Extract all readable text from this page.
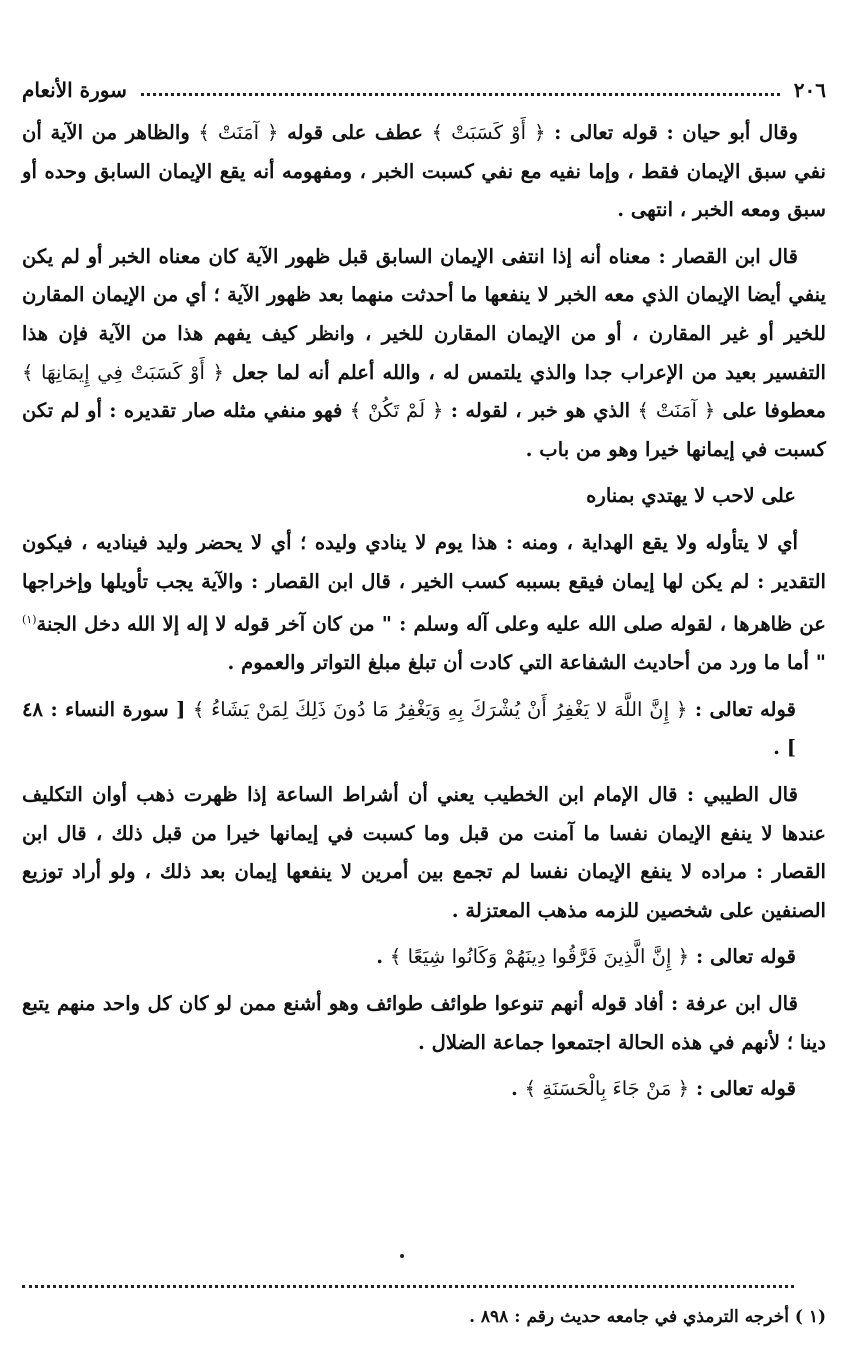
٢٠٦
سورة الأنعام

وقال أبو حيان : قوله تعالى : ﴿ أَوْ كَسَبَتْ ﴾ عطف على قوله ﴿ آمَنَتْ ﴾ والظاهر من الآية أن نفي سبق الإيمان فقط ، وإما نفيه مع نفي كسبت الخبر ، ومفهومه أنه يقع الإيمان السابق وحده أو سبق ومعه الخبر ، انتهى .

قال ابن القصار : معناه أنه إذا انتفى الإيمان السابق قبل ظهور الآية كان معناه الخبر أو لم يكن ينفي أيضا الإيمان الذي معه الخبر لا ينفعها ما أحدثت منهما بعد ظهور الآية ؛ أي من الإيمان المقارن للخير أو غير المقارن ، أو من الإيمان المقارن للخير ، وانظر كيف يفهم هذا من الآية فإن هذا التفسير بعيد من الإعراب جدا والذي يلتمس له ، والله أعلم أنه لما جعل ﴿ أَوْ كَسَبَتْ فِي إِيمَانِهَا ﴾ معطوفا على ﴿ آمَنَتْ ﴾ الذي هو خبر ، لقوله : ﴿ لَمْ تَكُنْ ﴾ فهو منفي مثله صار تقديره : أو لم تكن كسبت في إيمانها خيرا وهو من باب .

على لاحب لا يهتدي بمناره

أي لا يتأوله ولا يقع الهداية ، ومنه : هذا يوم لا ينادي وليده ؛ أي لا يحضر وليد فيناديه ، فيكون التقدير : لم يكن لها إيمان فيقع بسببه كسب الخير ، قال ابن القصار : والآية يجب تأويلها وإخراجها عن ظاهرها ، لقوله صلى الله عليه وعلى آله وسلم : " من كان آخر قوله لا إله إلا الله دخل الجنة$^{(١)}$ " أما ما ورد من أحاديث الشفاعة التي كادت أن تبلغ مبلغ التواتر والعموم .

قوله تعالى : ﴿ إِنَّ اللَّهَ لا يَغْفِرُ أَنْ يُشْرَكَ بِهِ وَيَغْفِرُ مَا دُونَ ذَلِكَ لِمَنْ يَشَاءُ ﴾ [ سورة النساء : ٤٨ ] .

قال الطيبي : قال الإمام ابن الخطيب يعني أن أشراط الساعة إذا ظهرت ذهب أوان التكليف عندها لا ينفع الإيمان نفسا ما آمنت من قبل وما كسبت في إيمانها خيرا من قبل ذلك ، قال ابن القصار : مراده لا ينفع الإيمان نفسا لم تجمع بين أمرين لا ينفعها إيمان بعد ذلك ، ولو أراد توزيع الصنفين على شخصين للزمه مذهب المعتزلة .

قوله تعالى : ﴿ إِنَّ الَّذِينَ فَرَّقُوا دِينَهُمْ وَكَانُوا شِيَعًا ﴾ .

قال ابن عرفة : أفاد قوله أنهم تنوعوا طوائف طوائف وهو أشنع ممن لو كان كل واحد منهم يتبع دينا ؛ لأنهم في هذه الحالة اجتمعوا جماعة الضلال .

قوله تعالى : ﴿ مَنْ جَاءَ بِالْحَسَنَةِ ﴾ .

(١ ) أخرجه الترمذي في جامعه حديث رقم : ٨٩٨ .
